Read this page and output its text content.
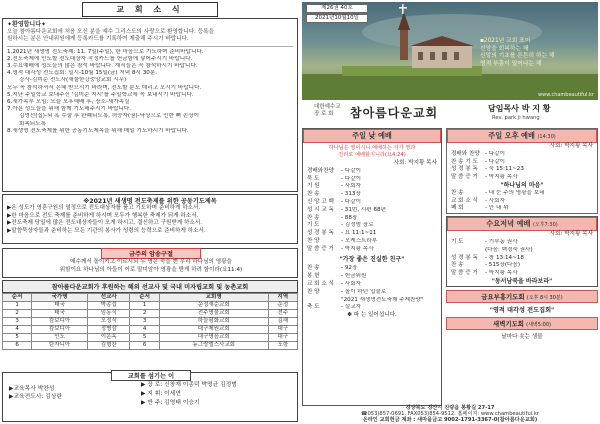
교 회 소 식
✦환영합니다✦
오늘 참아름다운교회에 처음 오신 분을 예수 그리스도의 사랑으로 환영합니다. 등록을
원하시는 분은 안내위원에게 등록카드를 기록하여 제출해 주시기 바랍니다.
1.2021년 새생명 전도축제: 11. 7일(주일), 한 마음으로 기도하며 준비바랍니다.
2.전도축제에 인도할 전도대상자 작정카드를 헌금함에 넣어주시기 바랍니다.
3.수요예배에 성도들의 많은 참석 바랍니다. 재직들은 꼭 참석하시기 바랍니다.
4.영적 대각성 전도집회: 일시-10월 15일(금) 저녁 8시 30분.
강사-김미순 전도사(새물한강중앙교회 시무)
모두 꼭 참석하셔서 은혜 받으시기 바라며, 전도할 분도 데리고 오시기 바랍니다.
5.지난 주일학교 보내주신 '김미순 지시'를 주일학교에 꼭 보내시기 바랍니다.
6.새가족부 모임: 오늘 오후예배 후, 장소-새가족실
7.아픈 성도들을 위해 함께 기도해주시기 바랍니다.
김영선(집)-뇌 혹 수술 후 완쾌되도록, 허승자(권)-낙상으로 인한 뼈 손상이
회복되도록
8.새생명 전도축제를 위한 공동기도제목을 위해 매일 기도하시기 바랍니다.
※2021년 새생명 전도축제를 위한 공동기도제목
▶온 성도가 영혼구원의 열정으로 전도대상자를 품고 기도하며 준비하게 하소서.
▶한 마음으로 전도 축제를 준비하게 하시며 모두가 행복한 축제가 되게 하소서.
▶전도축제 당일에 많은 전도대상자들이 오게 하시고, 결신하고 구원받게 하소서.
▶말씀묵상자들과 준비하는 모든 기관의 봉사가 성령의 능력으로 준비하게 하소서.
금주의 암송구절
예수께서 돌이키고 이르시되 두 명은 죽을 뻔 우리 하나님의 영광을
위함이요 하나님의 아들이 이로 말미암아 영광을 받게 하려 함이라(요11:4)
참아름다운교회가 후원하는 해외 선교사 및 국내 미자립교회 및 농촌교회
순서	국가명	선교사	순서	교회명	지역
1	태국	박종섭	1	운정새순교회	운정
2	태국	임동식	2	전주명물교회	전주
3	캄보디아	오정식	3	하늘평화교회	김해
4	캄보디아	정병삼	4	대구제원교회	대구
5	인도	이은옥	5	대구명음교회	대구
6	탄자니아	김형찬	6	뉴그랑엘스사교회	포항
교회를 섬기는 이
▶교육목사 박찬성
▶교육전도사: 김상란
▶ 장 로: 신창재 이종덕 박명균 김정범
▶ 지 휘: 이세연
▶ 반 주: 김영태 이승기
제26권 40호
2021년10월10일
▪2021년 교회 표어
신앙을 회복하는 해
신앙의 기초를 튼튼히 하는 해
영적 부흥이 일어나는 해
www.chambeautiful.kr
대한예수교
장 로 회	참아름다운교회	담임목사 박 지 황
Rev. park ji hwang
주일 낮 예배
하나님은 영이시니 예배하는 자가 영과
진리로 예배할지니라(요4:24)
사회: 박지황 목사
경배와찬양	- 다같이
묵 도	- 다같이
기 원	- 사회자
찬 송	- 313장
신 앙 고 백	- 다같이
성 시 교 독	- 31번, 시편 68편
찬 송	- 88장
기 도	- 김정범 장로
성 경 봉 독	- 요 11:1~11
찬 양	- 오케스트라부
말 씀 증 거	- 박지황 목사
"가장 좋은 진실한 친구"
찬 송	- 92장
봉 헌	- 헌금위원
교 회 소 식	- 사회자
찬 양	- 돌이 하던 입술로
"2021 새생명전도축제 주제찬양"
축 도	- 설교자
✽ 파 는 일어섭니다.
주일 오후 예배 (14:30)
사회: 박지황 목사
경배와 찬양 - 다같이
찬 송 기 도	- 다같이
성 경 봉 독	- 눅 15:11~23
말 씀 증 거	- 박지황 목사
"하나님의 마음"
찬 송	- 내 눈 주의 영광을 보네
교 회 소 식	- 사회자
폐 회	- 안 내 위
수요저녁 예배 (오후7:30)
사회: 박지황 목사
기 도	- 기부동 권사
(다음: 백경숙 권사)
성 경 봉 독	- 창 13:14~18
찬 송	- 515장(다음)
말 씀 증 거	- 박지황 목사
"동서남북을 바라보라"
금요부흥기도회 (오후 8시 30분)
"영적 대각성 전도집회"
새벽기도회 (새벽5:00)
날마다 솟는 샘물
경상북도 경산시 진량읍 봉황길 27-17
☎053)857-0691. FAX053)854-9512. 홈페이지: www.chambeautiful.kr
온라인 교회헌금 계좌 : 새마을금고 9002-1791-3367-0(참아름다운교회)
